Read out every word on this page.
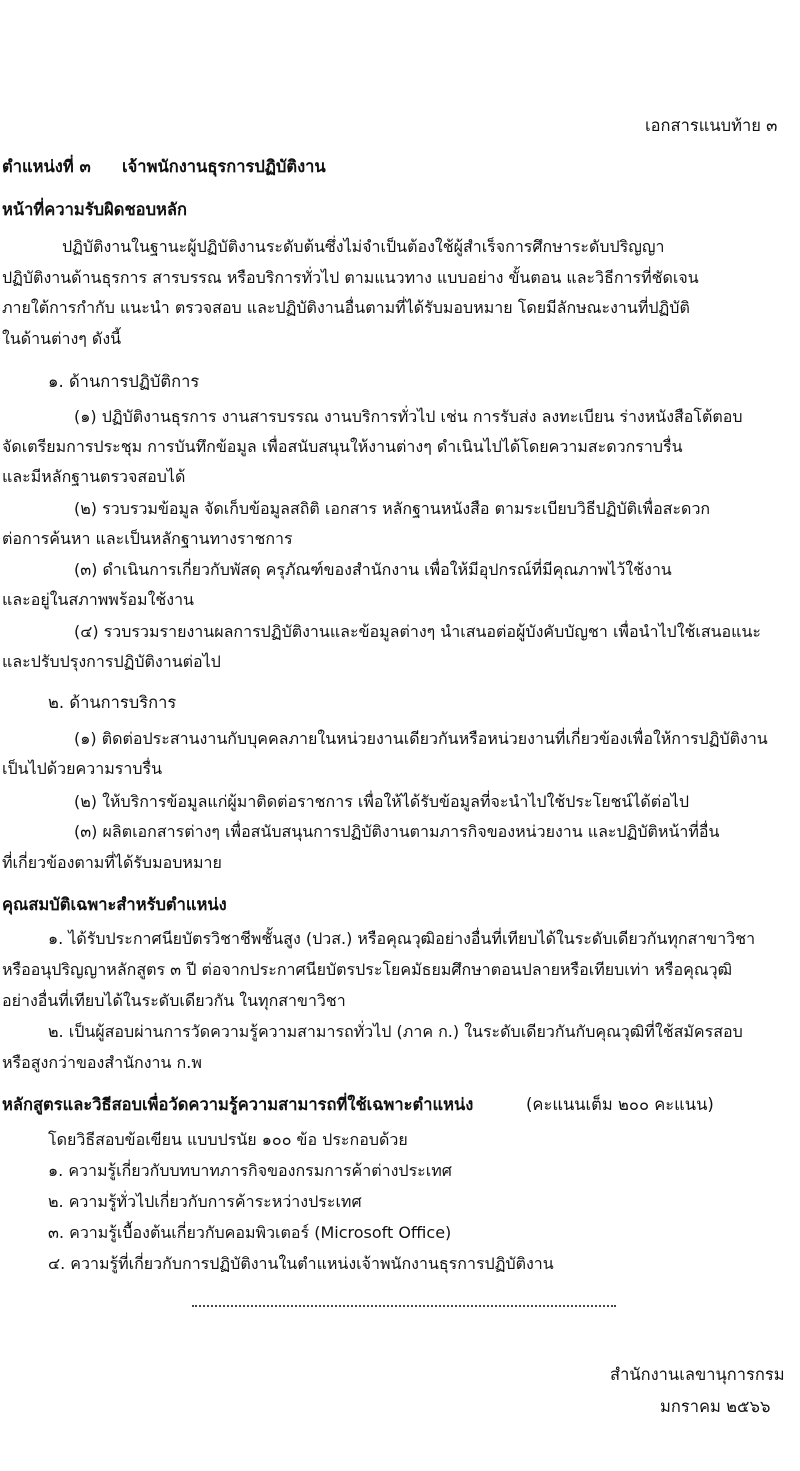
เอกสารแนบท้าย ๓
ตำแหน่งที่ ๓ เจ้าพนักงานธุรการปฏิบัติงาน
หน้าที่ความรับผิดชอบหลัก
ปฏิบัติงานในฐานะผู้ปฏิบัติงานระดับต้นซึ่งไม่จำเป็นต้องใช้ผู้สำเร็จการศึกษาระดับปริญญา
ปฏิบัติงานด้านธุรการ สารบรรณ หรือบริการทั่วไป ตามแนวทาง แบบอย่าง ขั้นตอน และวิธีการที่ชัดเจน
ภายใต้การกำกับ แนะนำ ตรวจสอบ และปฏิบัติงานอื่นตามที่ได้รับมอบหมาย โดยมีลักษณะงานที่ปฏิบัติ
ในด้านต่างๆ ดังนี้
๑. ด้านการปฏิบัติการ
(๑) ปฏิบัติงานธุรการ งานสารบรรณ งานบริการทั่วไป เช่น การรับส่ง ลงทะเบียน ร่างหนังสือโต้ตอบ
จัดเตรียมการประชุม การบันทึกข้อมูล เพื่อสนับสนุนให้งานต่างๆ ดำเนินไปได้โดยความสะดวกราบรื่น
และมีหลักฐานตรวจสอบได้
(๒) รวบรวมข้อมูล จัดเก็บข้อมูลสถิติ เอกสาร หลักฐานหนังสือ ตามระเบียบวิธีปฏิบัติเพื่อสะดวก
ต่อการค้นหา และเป็นหลักฐานทางราชการ
(๓) ดำเนินการเกี่ยวกับพัสดุ ครุภัณฑ์ของสำนักงาน เพื่อให้มีอุปกรณ์ที่มีคุณภาพไว้ใช้งาน
และอยู่ในสภาพพร้อมใช้งาน
(๔) รวบรวมรายงานผลการปฏิบัติงานและข้อมูลต่างๆ นำเสนอต่อผู้บังคับบัญชา เพื่อนำไปใช้เสนอแนะ
และปรับปรุงการปฏิบัติงานต่อไป
๒. ด้านการบริการ
(๑) ติดต่อประสานงานกับบุคคลภายในหน่วยงานเดียวกันหรือหน่วยงานที่เกี่ยวข้องเพื่อให้การปฏิบัติงาน
เป็นไปด้วยความราบรื่น
(๒) ให้บริการข้อมูลแก่ผู้มาติดต่อราชการ เพื่อให้ได้รับข้อมูลที่จะนำไปใช้ประโยชน์ได้ต่อไป
(๓) ผลิตเอกสารต่างๆ เพื่อสนับสนุนการปฏิบัติงานตามภารกิจของหน่วยงาน และปฏิบัติหน้าที่อื่น
ที่เกี่ยวข้องตามที่ได้รับมอบหมาย
คุณสมบัติเฉพาะสำหรับตำแหน่ง
๑. ได้รับประกาศนียบัตรวิชาชีพชั้นสูง (ปวส.) หรือคุณวุฒิอย่างอื่นที่เทียบได้ในระดับเดียวกันทุกสาขาวิชา
หรืออนุปริญญาหลักสูตร ๓ ปี ต่อจากประกาศนียบัตรประโยคมัธยมศึกษาตอนปลายหรือเทียบเท่า หรือคุณวุฒิ
อย่างอื่นที่เทียบได้ในระดับเดียวกัน ในทุกสาขาวิชา
๒. เป็นผู้สอบผ่านการวัดความรู้ความสามารถทั่วไป (ภาค ก.) ในระดับเดียวกันกับคุณวุฒิที่ใช้สมัครสอบ
หรือสูงกว่าของสำนักงาน ก.พ
หลักสูตรและวิธีสอบเพื่อวัดความรู้ความสามารถที่ใช้เฉพาะตำแหน่ง	(คะแนนเต็ม ๒๐๐ คะแนน)
โดยวิธีสอบข้อเขียน แบบปรนัย ๑๐๐ ข้อ ประกอบด้วย
๑. ความรู้เกี่ยวกับบทบาทภารกิจของกรมการค้าต่างประเทศ
๒. ความรู้ทั่วไปเกี่ยวกับการค้าระหว่างประเทศ
๓. ความรู้เบื้องต้นเกี่ยวกับคอมพิวเตอร์ (Microsoft Office)
๔. ความรู้ที่เกี่ยวกับการปฏิบัติงานในตำแหน่งเจ้าพนักงานธุรการปฏิบัติงาน
สำนักงานเลขานุการกรม
มกราคม ๒๕๖๖
